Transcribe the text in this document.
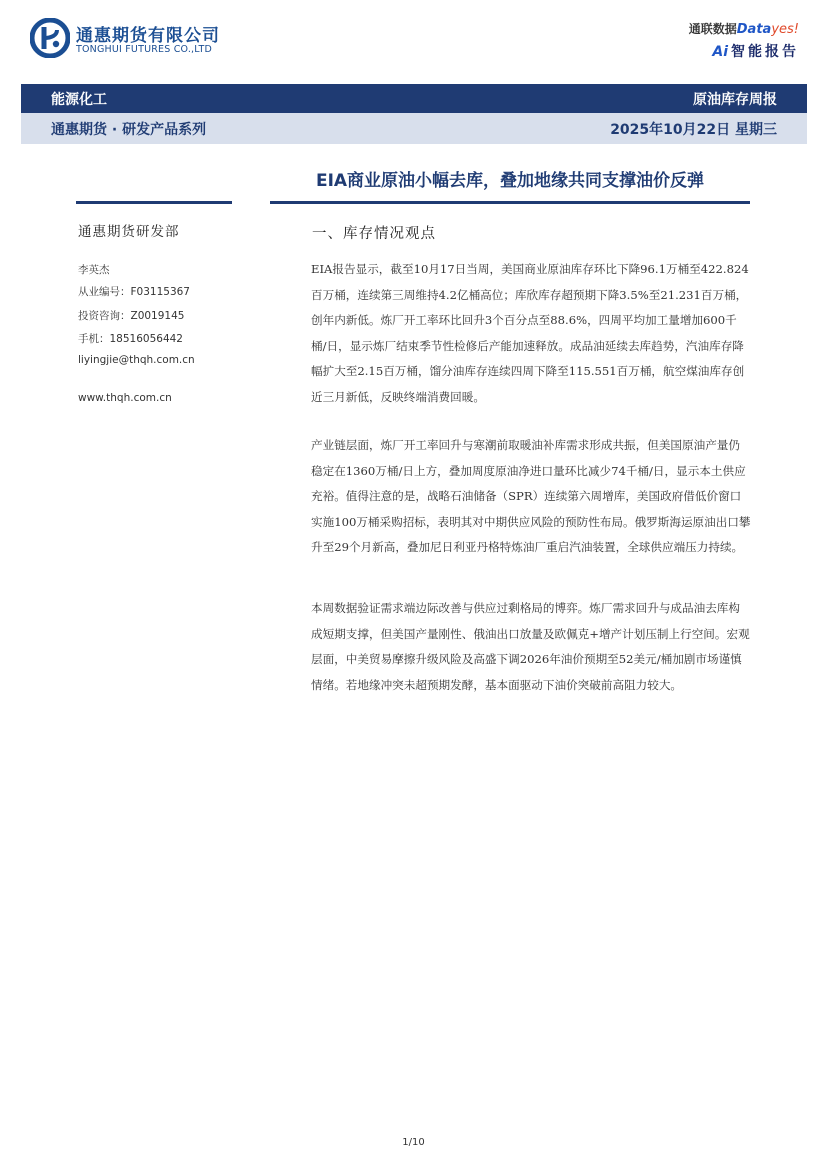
通惠期货有限公司
TONGHUI FUTURES CO.,LTD
通联数据Datayes!
Ai 智能报告
能源化工	原油库存周报
通惠期货 · 研发产品系列	2025年10月22日 星期三
EIA商业原油小幅去库，叠加地缘共同支撑油价反弹
通惠期货研发部
李英杰
从业编号：F03115367
投资咨询：Z0019145
手机：18516056442
liyingjie@thqh.com.cn
www.thqh.com.cn
一、库存情况观点
EIA报告显示，截至10月17日当周，美国商业原油库存环比下降96.1万桶至422.824百万桶，连续第三周维持4.2亿桶高位；库欣库存超预期下降3.5%至21.231百万桶，创年内新低。炼厂开工率环比回升3个百分点至88.6%，四周平均加工量增加600千桶/日，显示炼厂结束季节性检修后产能加速释放。成品油延续去库趋势，汽油库存降幅扩大至2.15百万桶，馏分油库存连续四周下降至115.551百万桶，航空煤油库存创近三月新低，反映终端消费回暖。
产业链层面，炼厂开工率回升与寒潮前取暖油补库需求形成共振，但美国原油产量仍稳定在1360万桶/日上方，叠加周度原油净进口量环比减少74千桶/日，显示本土供应充裕。值得注意的是，战略石油储备（SPR）连续第六周增库，美国政府借低价窗口实施100万桶采购招标，表明其对中期供应风险的预防性布局。俄罗斯海运原油出口攀升至29个月新高，叠加尼日利亚丹格特炼油厂重启汽油装置，全球供应端压力持续。
本周数据验证需求端边际改善与供应过剩格局的博弈。炼厂需求回升与成品油去库构成短期支撑，但美国产量刚性、俄油出口放量及欧佩克+增产计划压制上行空间。宏观层面，中美贸易摩擦升级风险及高盛下调2026年油价预期至52美元/桶加剧市场谨慎情绪。若地缘冲突未超预期发酵，基本面驱动下油价突破前高阻力较大。
1/10
